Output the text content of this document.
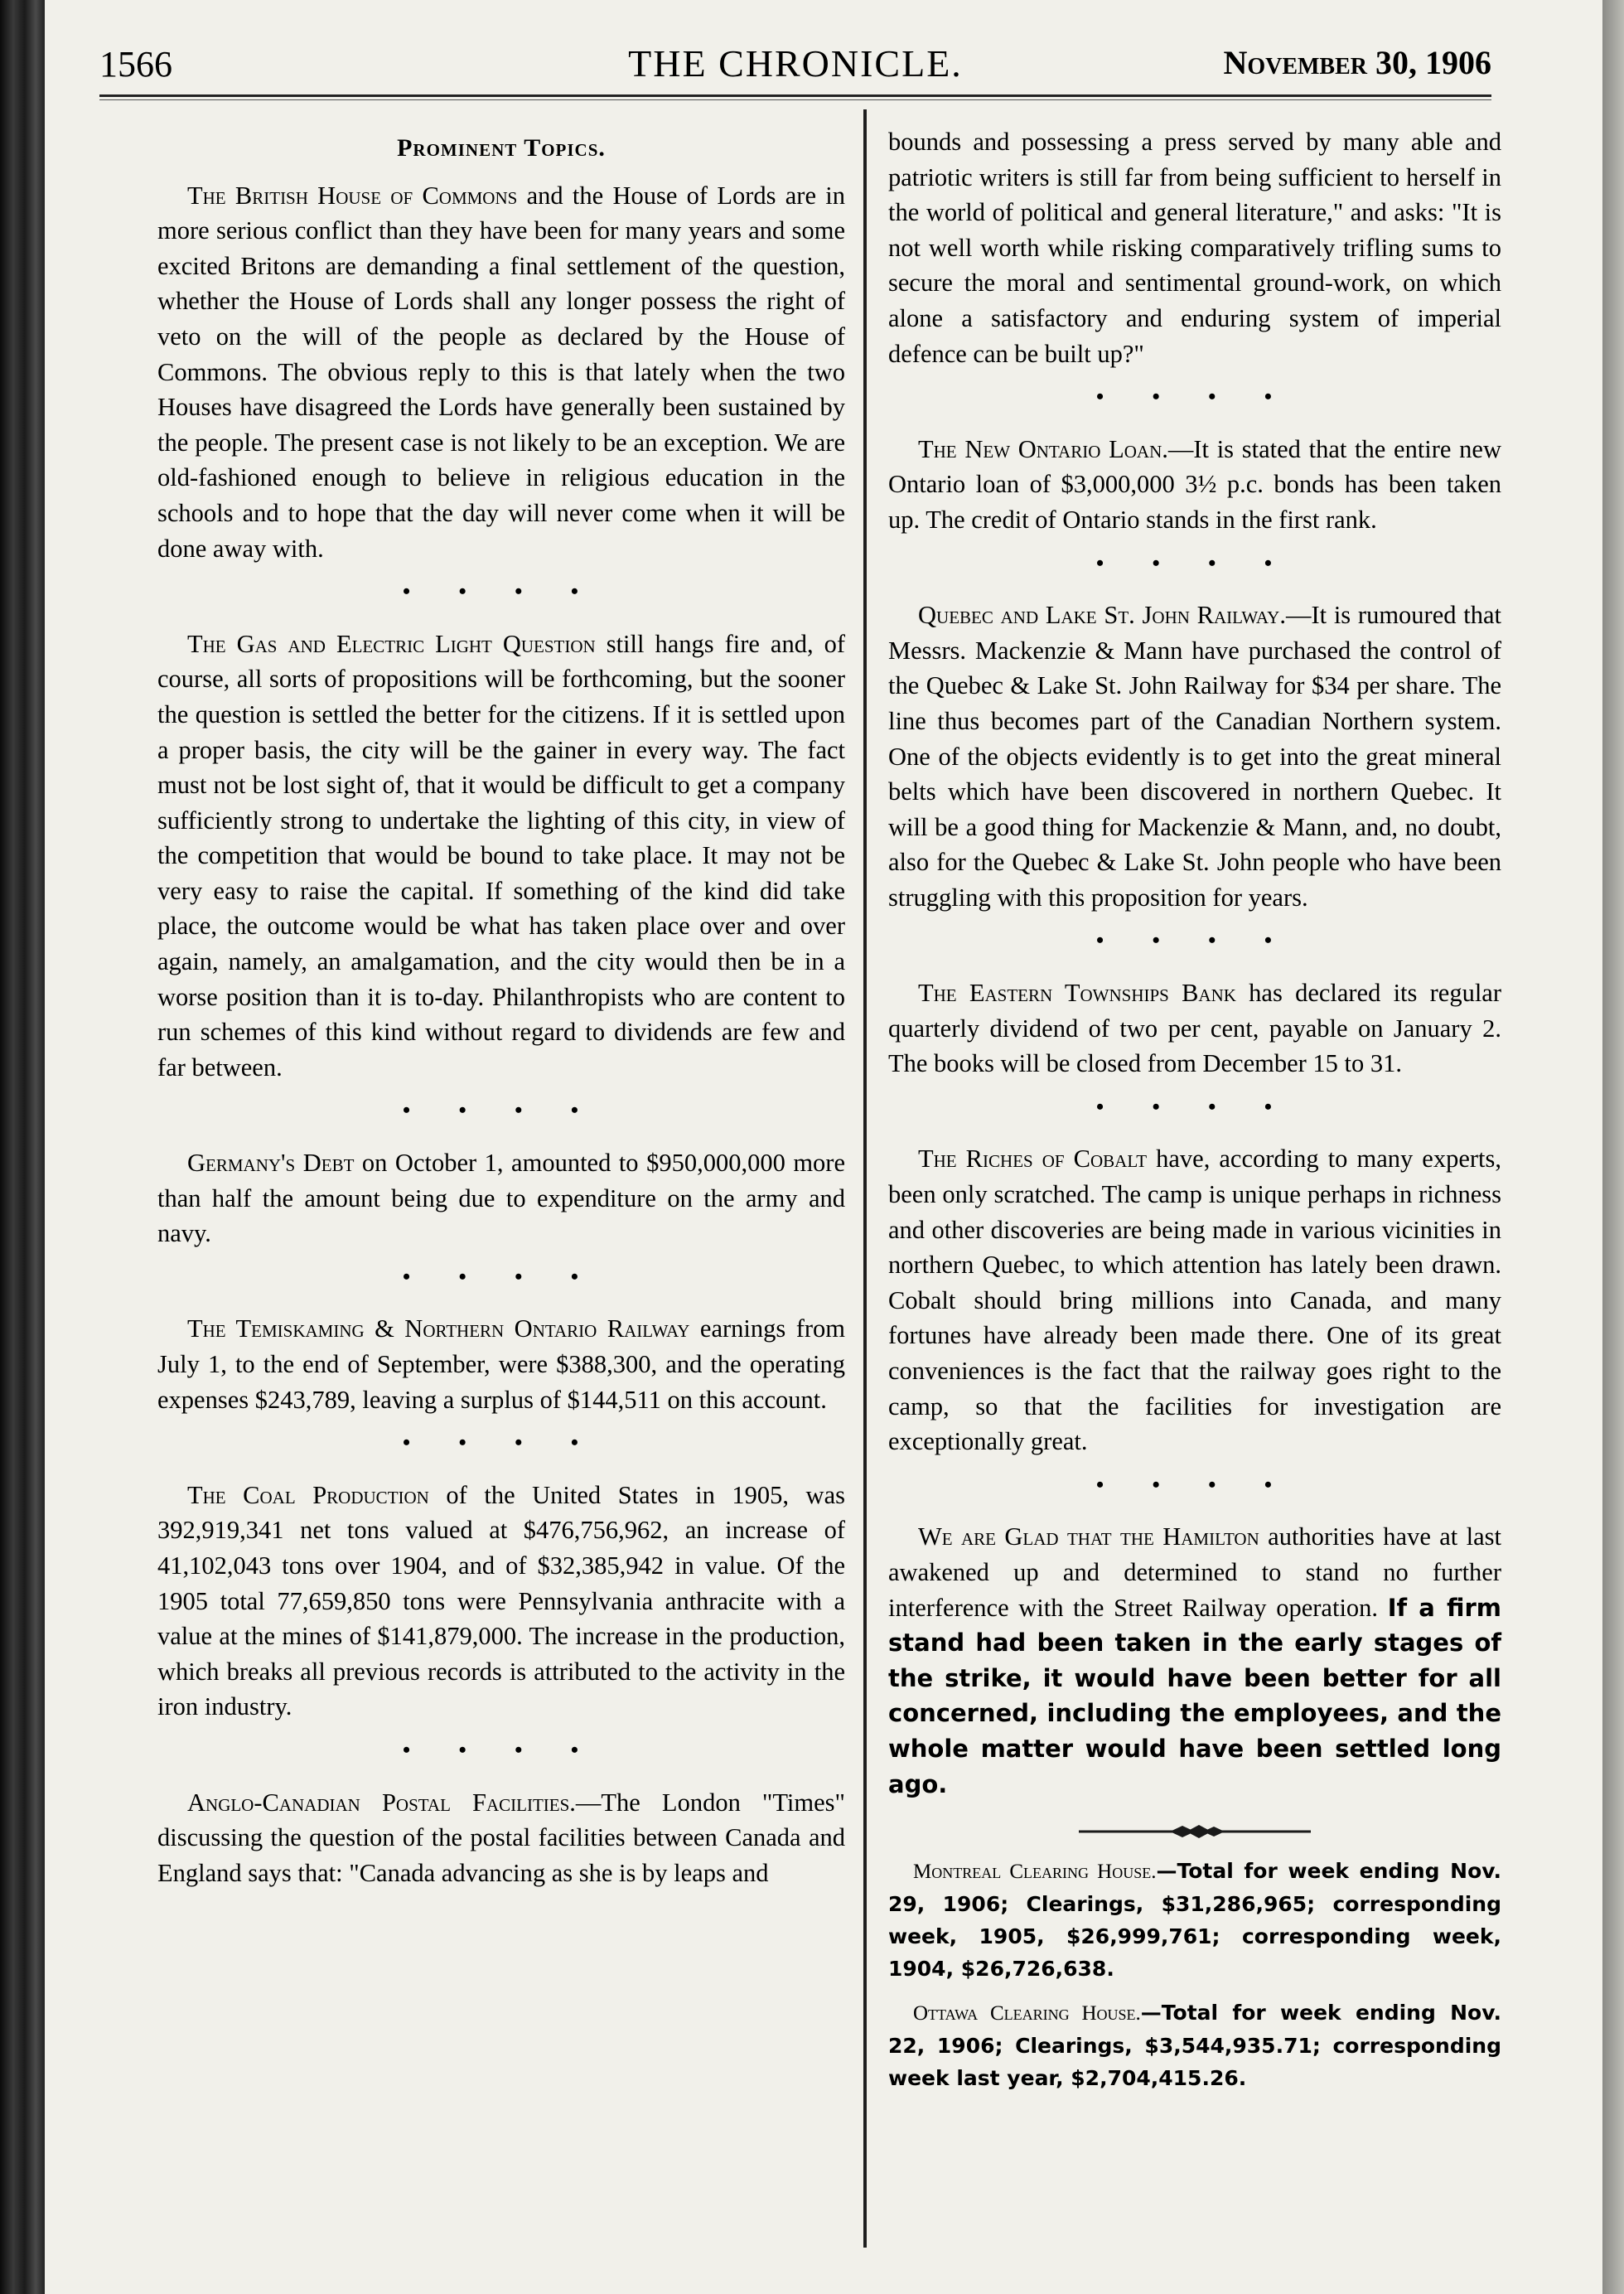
1566	THE CHRONICLE.	November 30, 1906
Prominent Topics.

The British House of Commons and the House of Lords are in more serious conflict than they have been for many years and some excited Britons are demanding a final settlement of the question, whether the House of Lords shall any longer possess the right of veto on the will of the people as declared by the House of Commons. The obvious reply to this is that lately when the two Houses have disagreed the Lords have generally been sustained by the people. The present case is not likely to be an exception. We are old-fashioned enough to believe in religious education in the schools and to hope that the day will never come when it will be done away with.

• • • •

The Gas and Electric Light Question still hangs fire and, of course, all sorts of propositions will be forthcoming, but the sooner the question is settled the better for the citizens. If it is settled upon a proper basis, the city will be the gainer in every way. The fact must not be lost sight of, that it would be difficult to get a company sufficiently strong to undertake the lighting of this city, in view of the competition that would be bound to take place. It may not be very easy to raise the capital. If something of the kind did take place, the outcome would be what has taken place over and over again, namely, an amalgamation, and the city would then be in a worse position than it is to-day. Philanthropists who are content to run schemes of this kind without regard to dividends are few and far between.

• • • •

Germany's Debt on October 1, amounted to $950,000,000 more than half the amount being due to expenditure on the army and navy.

• • • •

The Temiskaming & Northern Ontario Railway earnings from July 1, to the end of September, were $388,300, and the operating expenses $243,789, leaving a surplus of $144,511 on this account.

• • • •

The Coal Production of the United States in 1905, was 392,919,341 net tons valued at $476,756,962, an increase of 41,102,043 tons over 1904, and of $32,385,942 in value. Of the 1905 total 77,659,850 tons were Pennsylvania anthracite with a value at the mines of $141,879,000. The increase in the production, which breaks all previous records is attributed to the activity in the iron industry.

• • • •

Anglo-Canadian Postal Facilities.—The London "Times" discussing the question of the postal facilities between Canada and England says that: "Canada advancing as she is by leaps and

bounds and possessing a press served by many able and patriotic writers is still far from being sufficient to herself in the world of political and general literature," and asks: "It is not well worth while risking comparatively trifling sums to secure the moral and sentimental ground-work, on which alone a satisfactory and enduring system of imperial defence can be built up?"

• • • •

The New Ontario Loan.—It is stated that the entire new Ontario loan of $3,000,000 3½ p.c. bonds has been taken up. The credit of Ontario stands in the first rank.

• • • •

Quebec and Lake St. John Railway.—It is rumoured that Messrs. Mackenzie & Mann have purchased the control of the Quebec & Lake St. John Railway for $34 per share. The line thus becomes part of the Canadian Northern system. One of the objects evidently is to get into the great mineral belts which have been discovered in northern Quebec. It will be a good thing for Mackenzie & Mann, and, no doubt, also for the Quebec & Lake St. John people who have been struggling with this proposition for years.

• • • •

The Eastern Townships Bank has declared its regular quarterly dividend of two per cent, payable on January 2. The books will be closed from December 15 to 31.

• • • •

The Riches of Cobalt have, according to many experts, been only scratched. The camp is unique perhaps in richness and other discoveries are being made in various vicinities in northern Quebec, to which attention has lately been drawn. Cobalt should bring millions into Canada, and many fortunes have already been made there. One of its great conveniences is the fact that the railway goes right to the camp, so that the facilities for investigation are exceptionally great.

• • • •

We are Glad that the Hamilton authorities have at last awakened up and determined to stand no further interference with the Street Railway operation. If a firm stand had been taken in the early stages of the strike, it would have been better for all concerned, including the employees, and the whole matter would have been settled long ago.

Montreal Clearing House.—Total for week ending Nov. 29, 1906; Clearings, $31,286,965; corresponding week, 1905, $26,999,761; corresponding week, 1904, $26,726,638.

Ottawa Clearing House.—Total for week ending Nov. 22, 1906; Clearings, $3,544,935.71; corresponding week last year, $2,704,415.26.
